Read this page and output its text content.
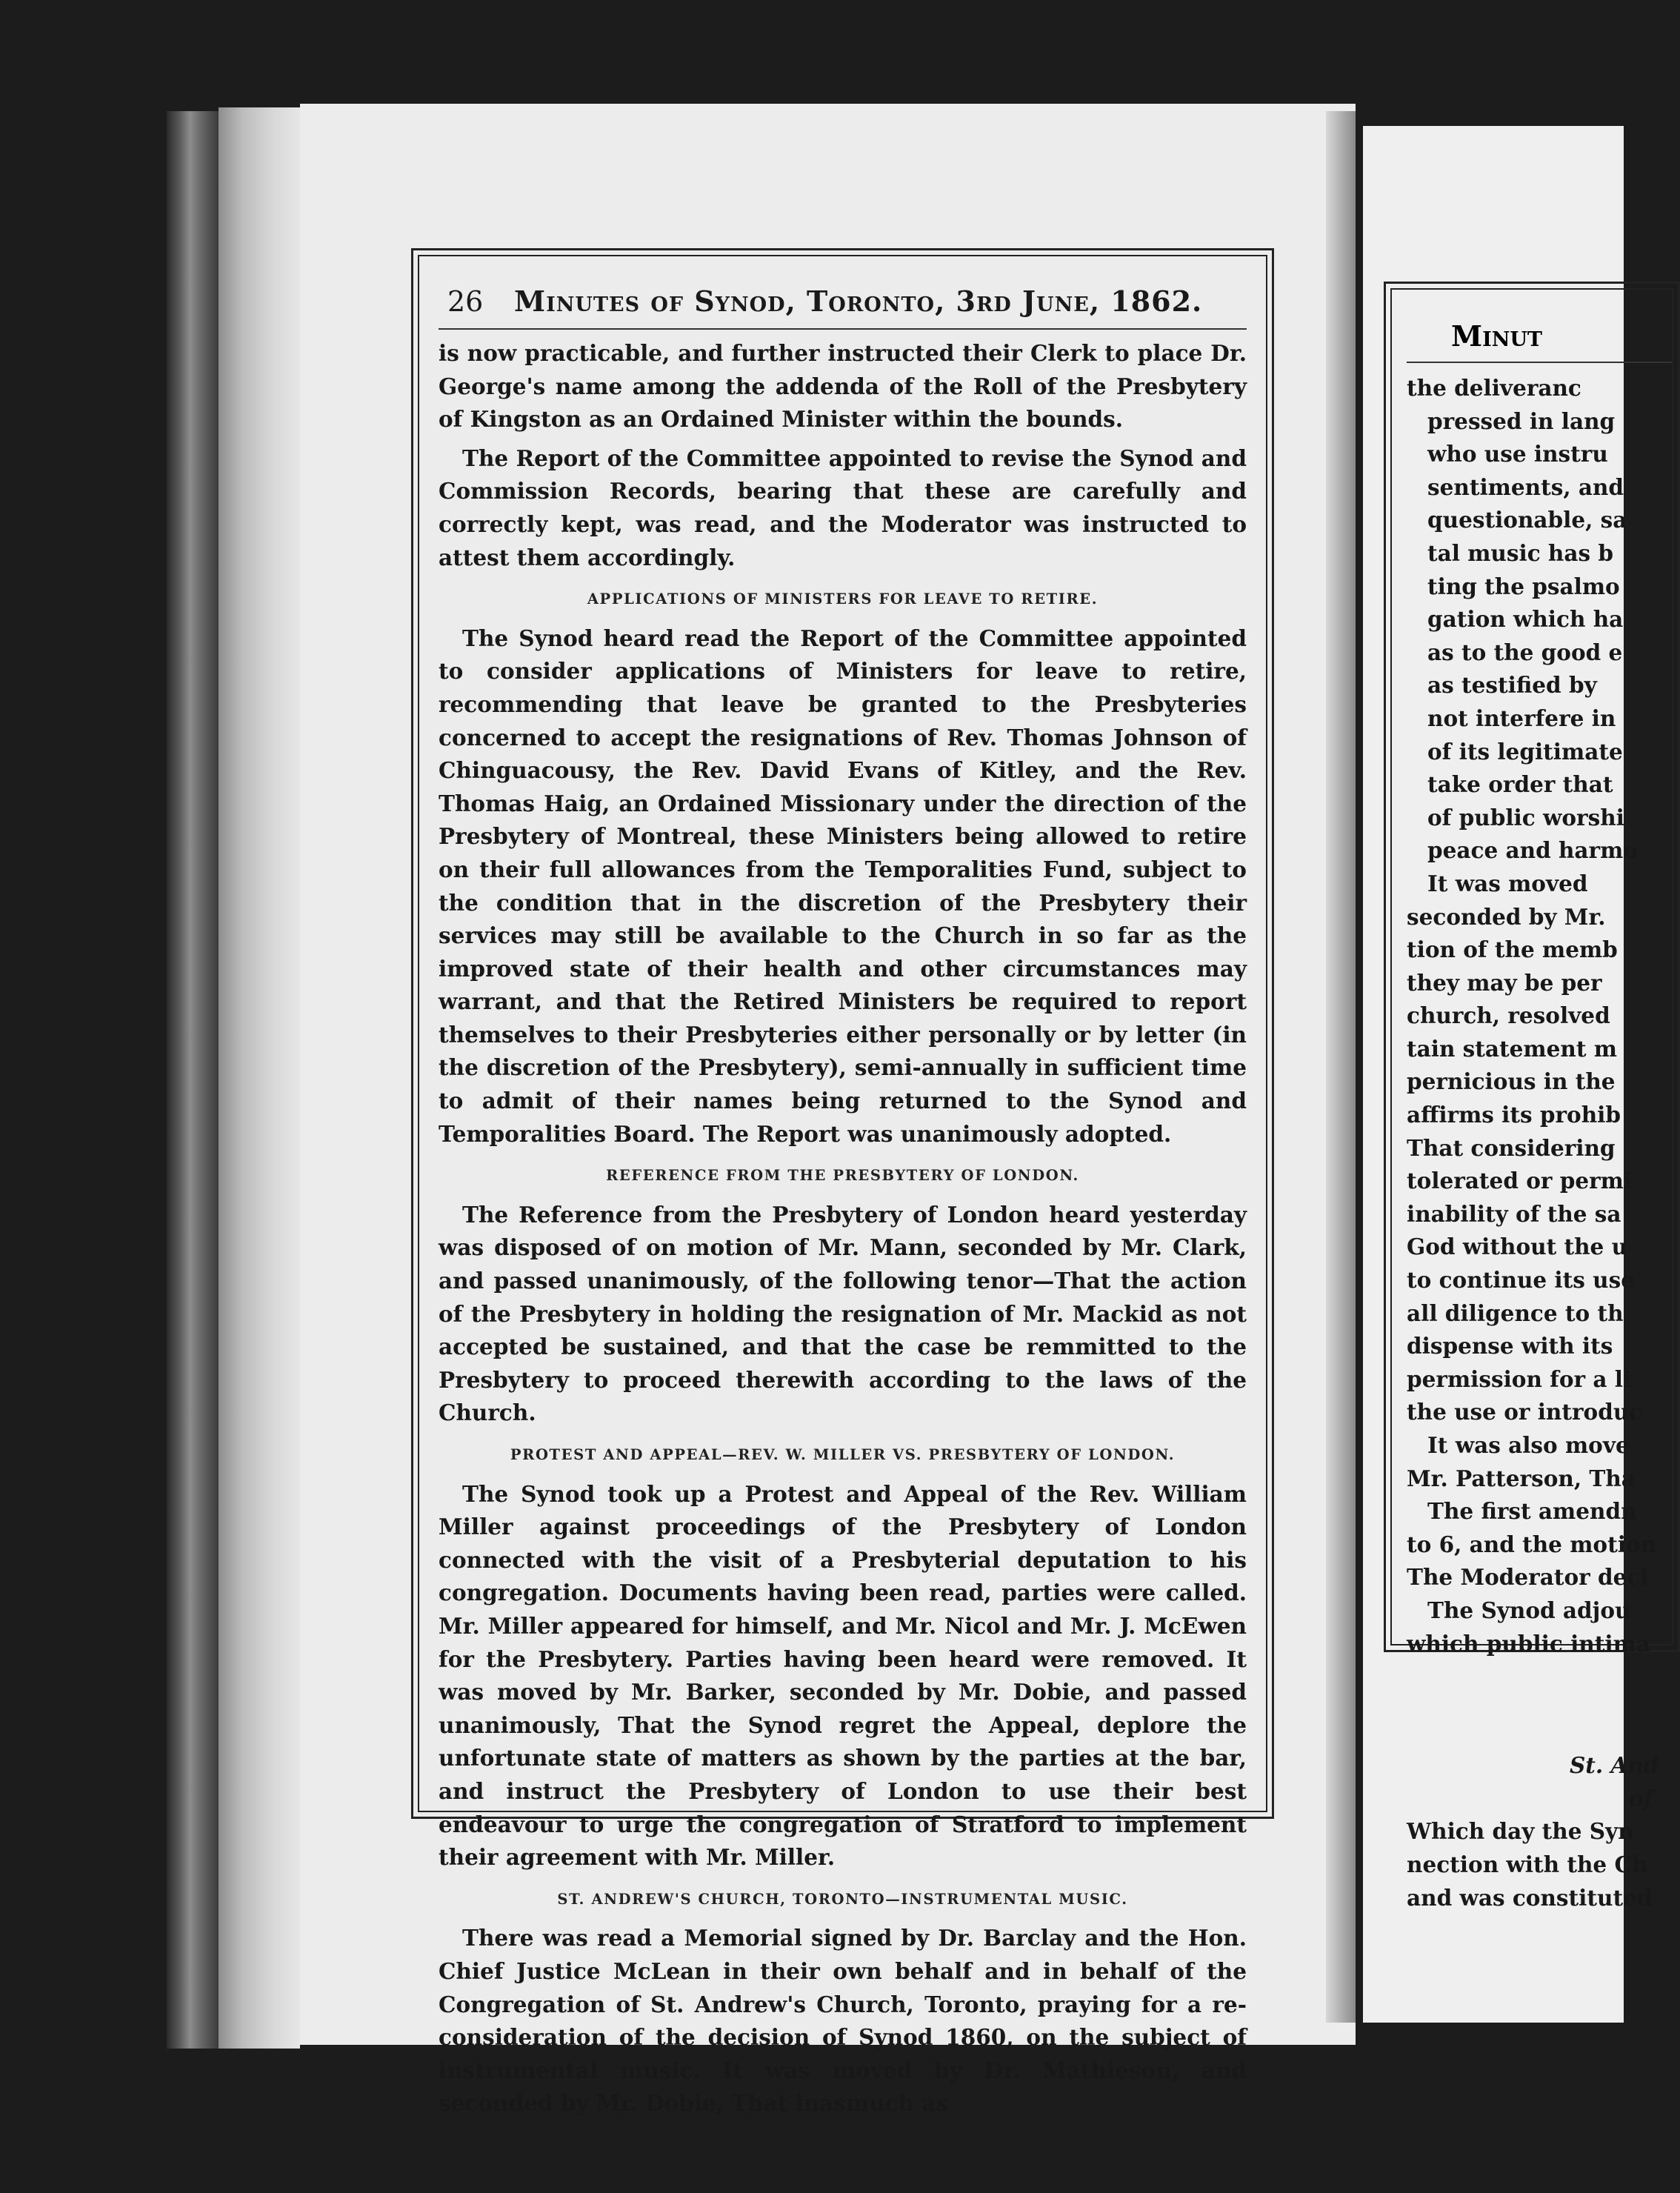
26	Minutes of Synod, Toronto, 3rd June, 1862.

is now practicable, and further instructed their Clerk to place Dr. George's name among the addenda of the Roll of the Presbytery of Kingston as an Ordained Minister within the bounds.

The Report of the Committee appointed to revise the Synod and Commission Records, bearing that these are carefully and correctly kept, was read, and the Moderator was instructed to attest them accordingly.

APPLICATIONS OF MINISTERS FOR LEAVE TO RETIRE.

The Synod heard read the Report of the Committee appointed to consider applications of Ministers for leave to retire, recommending that leave be granted to the Presbyteries concerned to accept the resignations of Rev. Thomas Johnson of Chinguacousy, the Rev. David Evans of Kitley, and the Rev. Thomas Haig, an Ordained Missionary under the direction of the Presbytery of Montreal, these Ministers being allowed to retire on their full allowances from the Temporalities Fund, subject to the condition that in the discretion of the Presbytery their services may still be available to the Church in so far as the improved state of their health and other circumstances may warrant, and that the Retired Ministers be required to report themselves to their Presbyteries either personally or by letter (in the discretion of the Presbytery), semi-annually in sufficient time to admit of their names being returned to the Synod and Temporalities Board. The Report was unanimously adopted.

REFERENCE FROM THE PRESBYTERY OF LONDON.

The Reference from the Presbytery of London heard yesterday was disposed of on motion of Mr. Mann, seconded by Mr. Clark, and passed unanimously, of the following tenor—That the action of the Presbytery in holding the resignation of Mr. Mackid as not accepted be sustained, and that the case be remmitted to the Presbytery to proceed therewith according to the laws of the Church.

PROTEST AND APPEAL—REV. W. MILLER VS. PRESBYTERY OF LONDON.

The Synod took up a Protest and Appeal of the Rev. William Miller against proceedings of the Presbytery of London connected with the visit of a Presbyterial deputation to his congregation. Documents having been read, parties were called. Mr. Miller appeared for himself, and Mr. Nicol and Mr. J. McEwen for the Presbytery. Parties having been heard were removed. It was moved by Mr. Barker, seconded by Mr. Dobie, and passed unanimously, That the Synod regret the Appeal, deplore the unfortunate state of matters as shown by the parties at the bar, and instruct the Presbytery of London to use their best endeavour to urge the congregation of Stratford to implement their agreement with Mr. Miller.

ST. ANDREW'S CHURCH, TORONTO—INSTRUMENTAL MUSIC.

There was read a Memorial signed by Dr. Barclay and the Hon. Chief Justice McLean in their own behalf and in behalf of the Congregation of St. Andrew's Church, Toronto, praying for a re-consideration of the decision of Synod 1860, on the subject of instrumental music. It was moved by Dr. Mathieson, and seconded by Mr. Dobie, That inasmuch as

Minut
the deliveranc
pressed in lang
who use instru
sentiments, and
questionable, sa
tal music has b
ting the psalmo
gation which ha
as to the good e
as testified by
not interfere in
of its legitimate
take order that
of public worshi
peace and harmo
It was moved
seconded by Mr.
tion of the memb
they may be per
church, resolved
tain statement m
pernicious in the
affirms its prohib
That considering
tolerated or permi
inability of the sa
God without the u
to continue its use
all diligence to th
dispense with its
permission for a li
the use or introduc
It was also move
Mr. Patterson, Tha
The first amendn
to 6, and the motion
The Moderator decl
The Synod adjou
which public intima
St. And
of
Which day the Syn
nection with the Ch
and was constituted
